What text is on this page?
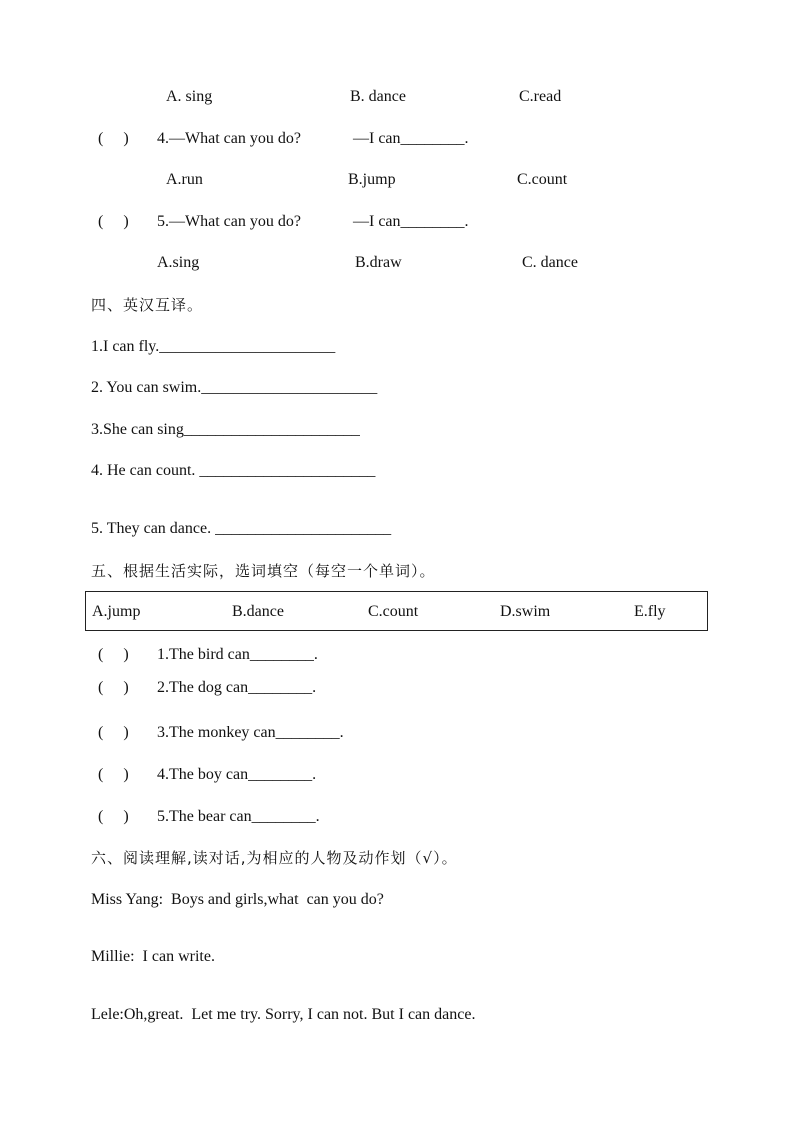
A. sing	B. dance	C.read
(     ) 4.—What can you do?	—I can________.
A.run	B.jump	C.count
(     ) 5.—What can you do?	—I can________.
A.sing	B.draw	C. dance
四、英汉互译。
1.I can fly.______________________
2. You can swim.______________________
3.She can sing______________________
4. He can count. ______________________
5. They can dance. ______________________
五、根据生活实际，选词填空（每空一个单词）。
A.jump	B.dance	C.count	D.swim	E.fly
(     ) 1.The bird can________.
(     ) 2.The dog can________.
(     ) 3.The monkey can________.
(     ) 4.The boy can________.
(     ) 5.The bear can________.
六、阅读理解,读对话,为相应的人物及动作划（√）。
Miss Yang:  Boys and girls,what  can you do?
Millie:  I can write.
Lele:Oh,great.  Let me try. Sorry, I can not. But I can dance.
